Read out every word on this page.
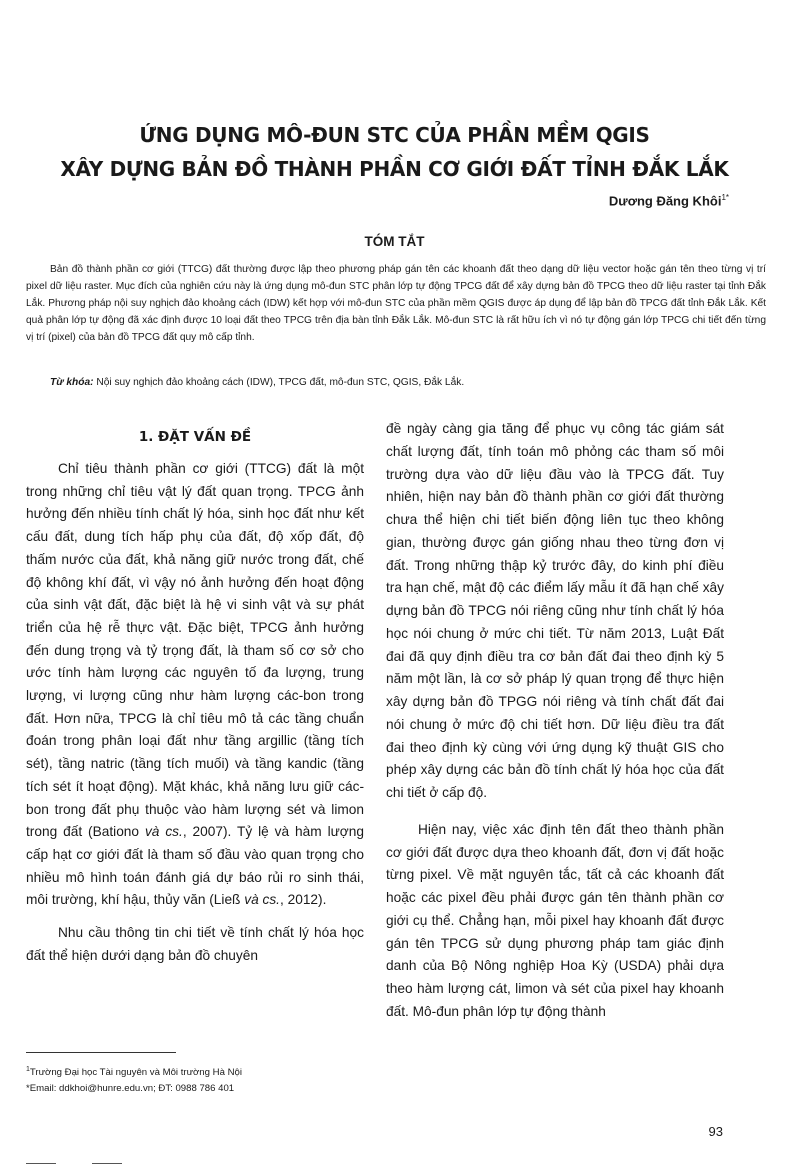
ỨNG DỤNG MÔ-ĐUN STC CỦA PHẦN MỀM QGIS
XÂY DỰNG BẢN ĐỒ THÀNH PHẦN CƠ GIỚI ĐẤT TỈNH ĐẮK LẮK
Dương Đăng Khôi$^{1*}$
TÓM TẮT

Bản đồ thành phần cơ giới (TTCG) đất thường được lập theo phương pháp gán tên các khoanh đất theo dạng dữ liệu vector hoặc gán tên theo từng vị trí pixel dữ liệu raster. Mục đích của nghiên cứu này là ứng dụng mô-đun STC phân lớp tự động TPCG đất để xây dựng bản đồ TPCG theo dữ liệu raster tại tỉnh Đắk Lắk. Phương pháp nội suy nghịch đảo khoảng cách (IDW) kết hợp với mô-đun STC của phần mềm QGIS được áp dụng để lập bản đồ TPCG đất tỉnh Đắk Lắk. Kết quả phân lớp tự động đã xác định được 10 loại đất theo TPCG trên địa bàn tỉnh Đắk Lắk. Mô-đun STC là rất hữu ích vì nó tự động gán lớp TPCG chi tiết đến từng vị trí (pixel) của bản đồ TPCG đất quy mô cấp tỉnh.

Từ khóa: Nội suy nghịch đảo khoảng cách (IDW), TPCG đất, mô-đun STC, QGIS, Đắk Lắk.
1. ĐẶT VẤN ĐỀ

Chỉ tiêu thành phần cơ giới (TTCG) đất là một trong những chỉ tiêu vật lý đất quan trọng. TPCG ảnh hưởng đến nhiều tính chất lý hóa, sinh học đất như kết cấu đất, dung tích hấp phụ của đất, độ xốp đất, độ thấm nước của đất, khả năng giữ nước trong đất, chế độ không khí đất, vì vậy nó ảnh hưởng đến hoạt động của sinh vật đất, đặc biệt là hệ vi sinh vật và sự phát triển của hệ rễ thực vật. Đặc biệt, TPCG ảnh hưởng đến dung trọng và tỷ trọng đất, là tham số cơ sở cho ước tính hàm lượng các nguyên tố đa lượng, trung lượng, vi lượng cũng như hàm lượng các-bon trong đất. Hơn nữa, TPCG là chỉ tiêu mô tả các tầng chuẩn đoán trong phân loại đất như tầng argillic (tầng tích sét), tầng natric (tầng tích muối) và tầng kandic (tầng tích sét ít hoạt động). Mặt khác, khả năng lưu giữ các-bon trong đất phụ thuộc vào hàm lượng sét và limon trong đất (Bationo và cs., 2007). Tỷ lệ và hàm lượng cấp hạt cơ giới đất là tham số đầu vào quan trọng cho nhiều mô hình toán đánh giá dự báo rủi ro sinh thái, môi trường, khí hậu, thủy văn (Ließ và cs., 2012).

Nhu cầu thông tin chi tiết về tính chất lý hóa học đất thể hiện dưới dạng bản đồ chuyên

đề ngày càng gia tăng để phục vụ công tác giám sát chất lượng đất, tính toán mô phỏng các tham số môi trường dựa vào dữ liệu đầu vào là TPCG đất. Tuy nhiên, hiện nay bản đồ thành phần cơ giới đất thường chưa thể hiện chi tiết biến động liên tục theo không gian, thường được gán giống nhau theo từng đơn vị đất. Trong những thập kỷ trước đây, do kinh phí điều tra hạn chế, mật độ các điểm lấy mẫu ít đã hạn chế xây dựng bản đồ TPCG nói riêng cũng như tính chất lý hóa học nói chung ở mức chi tiết. Từ năm 2013, Luật Đất đai đã quy định điều tra cơ bản đất đai theo định kỳ 5 năm một lần, là cơ sở pháp lý quan trọng để thực hiện xây dựng bản đồ TPGG nói riêng và tính chất đất đai nói chung ở mức độ chi tiết hơn. Dữ liệu điều tra đất đai theo định kỳ cùng với ứng dụng kỹ thuật GIS cho phép xây dựng các bản đồ tính chất lý hóa học của đất chi tiết ở cấp độ.

Hiện nay, việc xác định tên đất theo thành phần cơ giới đất được dựa theo khoanh đất, đơn vị đất hoặc từng pixel. Về mặt nguyên tắc, tất cả các khoanh đất hoặc các pixel đều phải được gán tên thành phần cơ giới cụ thể. Chẳng hạn, mỗi pixel hay khoanh đất được gán tên TPCG sử dụng phương pháp tam giác định danh của Bộ Nông nghiệp Hoa Kỳ (USDA) phải dựa theo hàm lượng cát, limon và sét của pixel hay khoanh đất. Mô-đun phân lớp tự động thành

$^1$Trường Đại học Tài nguyên và Môi trường Hà Nội
*Email: ddkhoi@hunre.edu.vn; ĐT: 0988 786 401
93
